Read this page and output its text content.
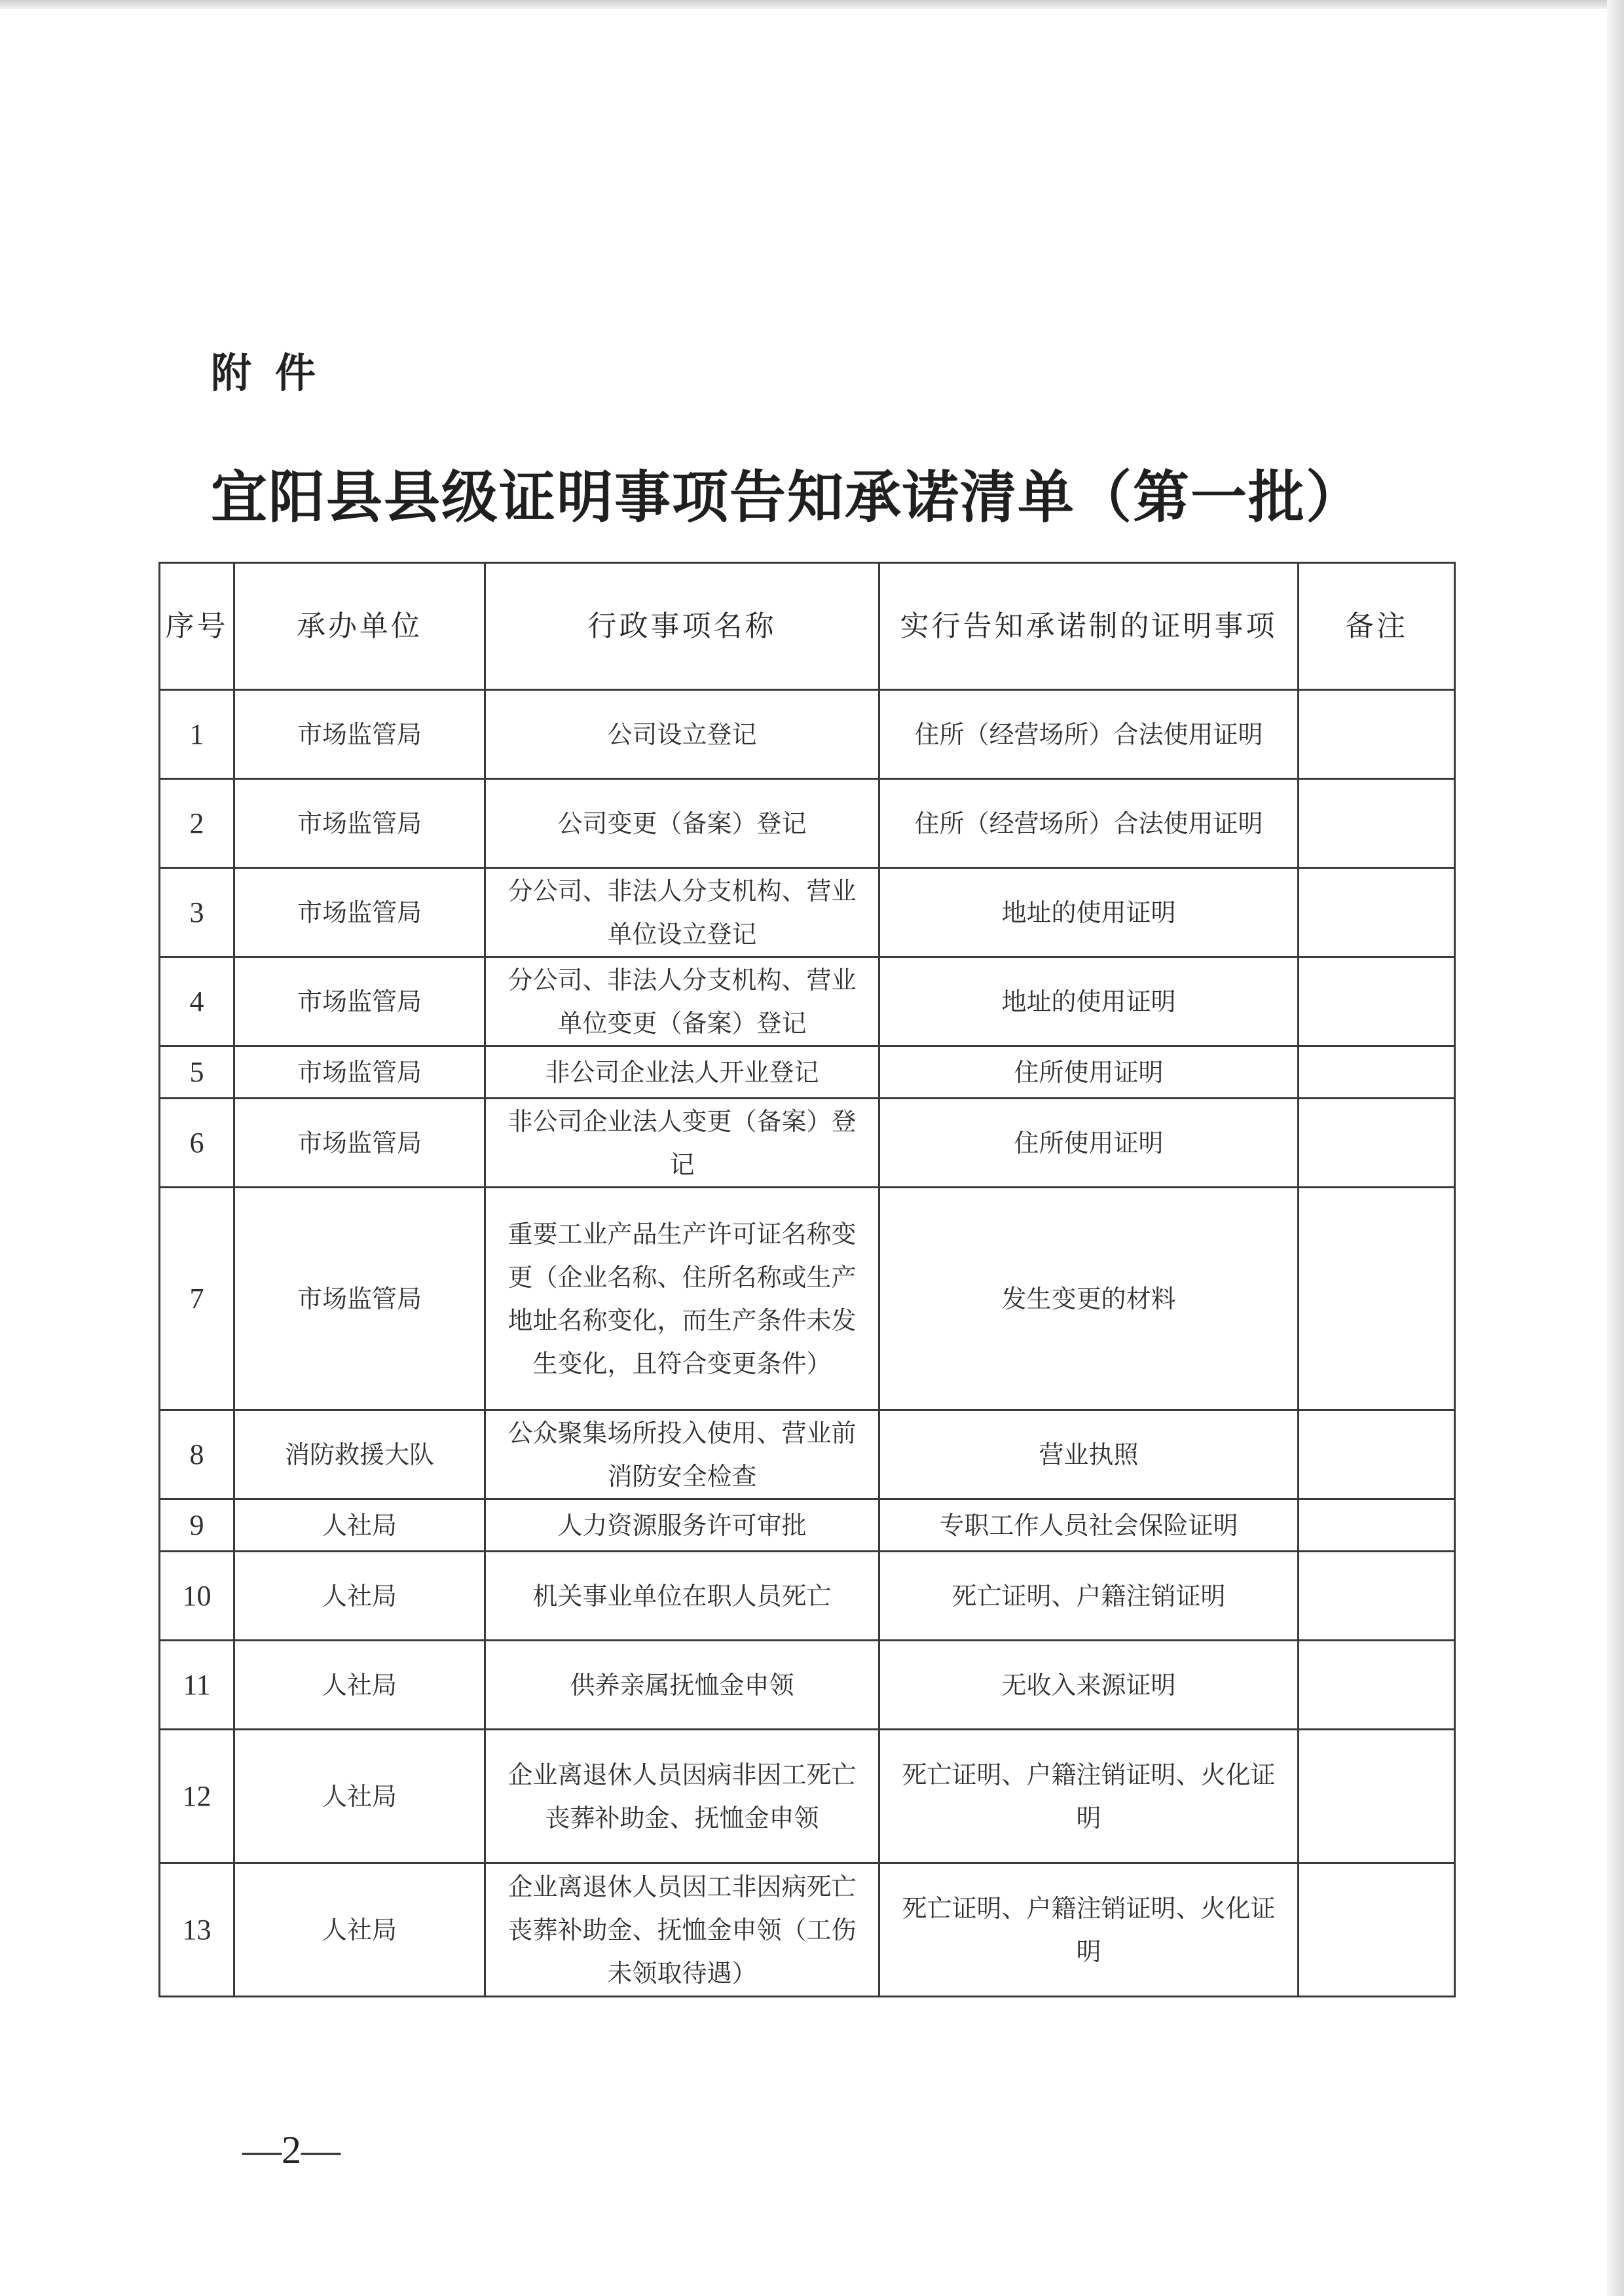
附件
宜阳县县级证明事项告知承诺清单（第一批）
序号	承办单位	行政事项名称	实行告知承诺制的证明事项	备注
1	市场监管局	公司设立登记	住所（经营场所）合法使用证明	
2	市场监管局	公司变更（备案）登记	住所（经营场所）合法使用证明	
3	市场监管局	分公司、非法人分支机构、营业单位设立登记	地址的使用证明	
4	市场监管局	分公司、非法人分支机构、营业单位变更（备案）登记	地址的使用证明	
5	市场监管局	非公司企业法人开业登记	住所使用证明	
6	市场监管局	非公司企业法人变更（备案）登记	住所使用证明	
7	市场监管局	重要工业产品生产许可证名称变更（企业名称、住所名称或生产地址名称变化，而生产条件未发生变化，且符合变更条件）	发生变更的材料	
8	消防救援大队	公众聚集场所投入使用、营业前消防安全检查	营业执照	
9	人社局	人力资源服务许可审批	专职工作人员社会保险证明	
10	人社局	机关事业单位在职人员死亡	死亡证明、户籍注销证明	
11	人社局	供养亲属抚恤金申领	无收入来源证明	
12	人社局	企业离退休人员因病非因工死亡丧葬补助金、抚恤金申领	死亡证明、户籍注销证明、火化证明	
13	人社局	企业离退休人员因工非因病死亡丧葬补助金、抚恤金申领（工伤未领取待遇）	死亡证明、户籍注销证明、火化证明	
—2—
